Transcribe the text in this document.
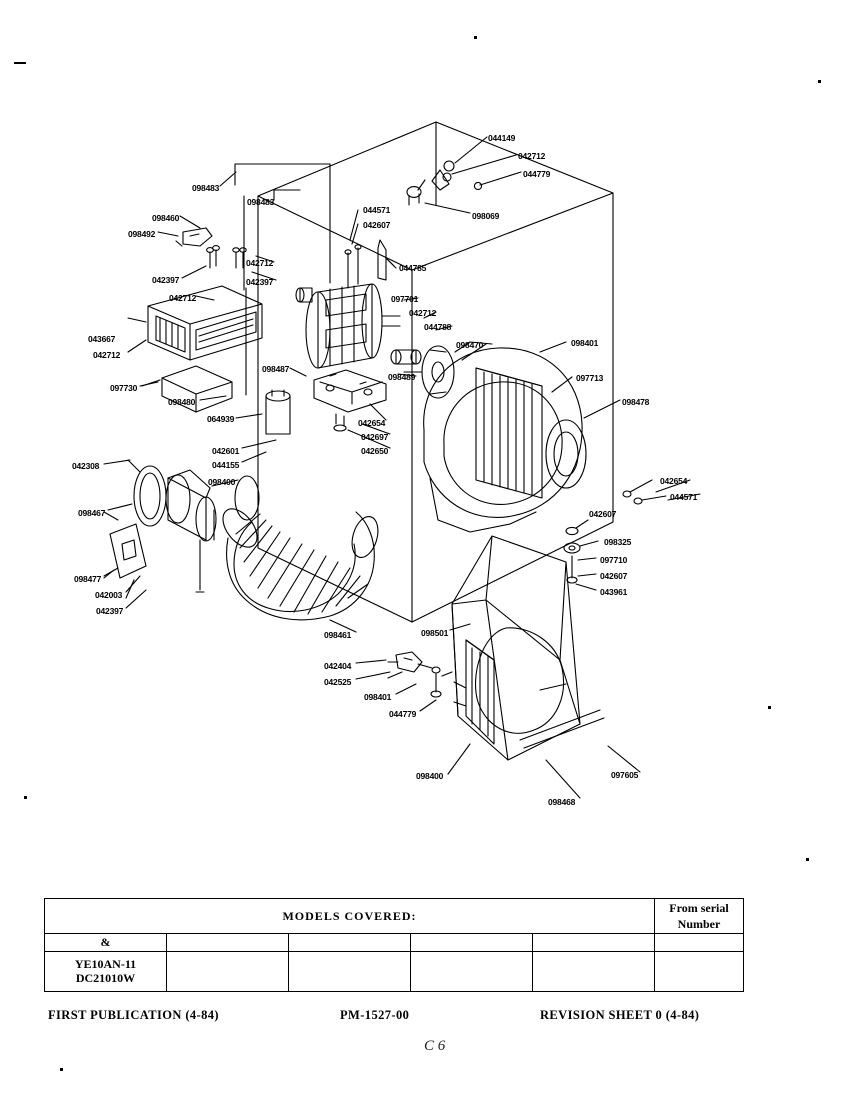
044149
042712
044779
098483
098483
098069
044571
042607
098460
098492
042712	044785
042397	042397
042712	097701
042712
044788
043667
042712
098470	098401
097713
097730
098487
098489
098478
098480
064939	042654
042697
042650
042601
044155
042308
098400	042654
044571
098467	042607
098325
097710
042607
098477
042003	043961
042397
098461	098501
042404
042525
098401
044779
097605
098400
098468
MODELS COVERED:					From serial
Number

&					

YE10AN-11
DC21010W					

FIRST PUBLICATION (4-84)	PM-1527-00	REVISION SHEET 0 (4-84)
C 6
